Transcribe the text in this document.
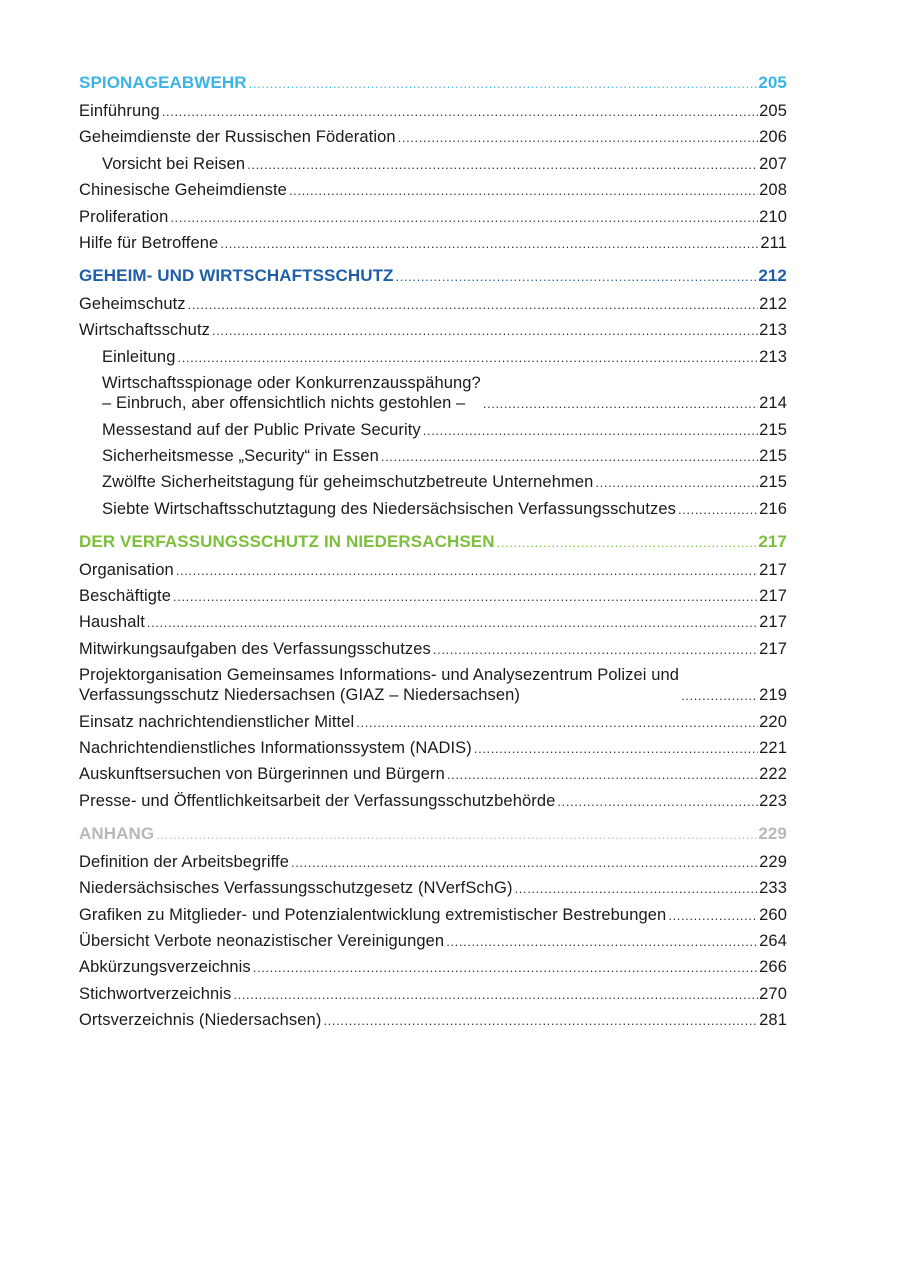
SPIONAGEABWEHR .....	205
Einführung .....	205
Geheimdienste der Russischen Föderation .....	206
Vorsicht bei Reisen .....	207
Chinesische Geheimdienste .....	208
Proliferation .....	210
Hilfe für Betroffene .....	211
GEHEIM- UND WIRTSCHAFTSSCHUTZ .....	212
Geheimschutz .....	212
Wirtschaftsschutz .....	213
Einleitung .....	213
Wirtschaftsspionage oder Konkurrenzausspähung?
– Einbruch, aber offensichtlich nichts gestohlen – .....	214
Messestand auf der Public Private Security .....	215
Sicherheitsmesse „Security“ in Essen .....	215
Zwölfte Sicherheitstagung für geheimschutzbetreute Unternehmen .....	215
Siebte Wirtschaftsschutztagung des Niedersächsischen Verfassungsschutzes .....	216
DER VERFASSUNGSSCHUTZ IN NIEDERSACHSEN .....	217
Organisation .....	217
Beschäftigte .....	217
Haushalt .....	217
Mitwirkungsaufgaben des Verfassungsschutzes .....	217
Projektorganisation Gemeinsames Informations- und Analysezentrum Polizei und
Verfassungsschutz Niedersachsen (GIAZ – Niedersachsen) .....	219
Einsatz nachrichtendienstlicher Mittel .....	220
Nachrichtendienstliches Informationssystem (NADIS) .....	221
Auskunftsersuchen von Bürgerinnen und Bürgern .....	222
Presse- und Öffentlichkeitsarbeit der Verfassungsschutzbehörde .....	223
ANHANG .....	229
Definition der Arbeitsbegriffe .....	229
Niedersächsisches Verfassungsschutzgesetz (NVerfSchG) .....	233
Grafiken zu Mitglieder- und Potenzialentwicklung extremistischer Bestrebungen .....	260
Übersicht Verbote neonazistischer Vereinigungen .....	264
Abkürzungsverzeichnis .....	266
Stichwortverzeichnis .....	270
Ortsverzeichnis (Niedersachsen) .....	281
